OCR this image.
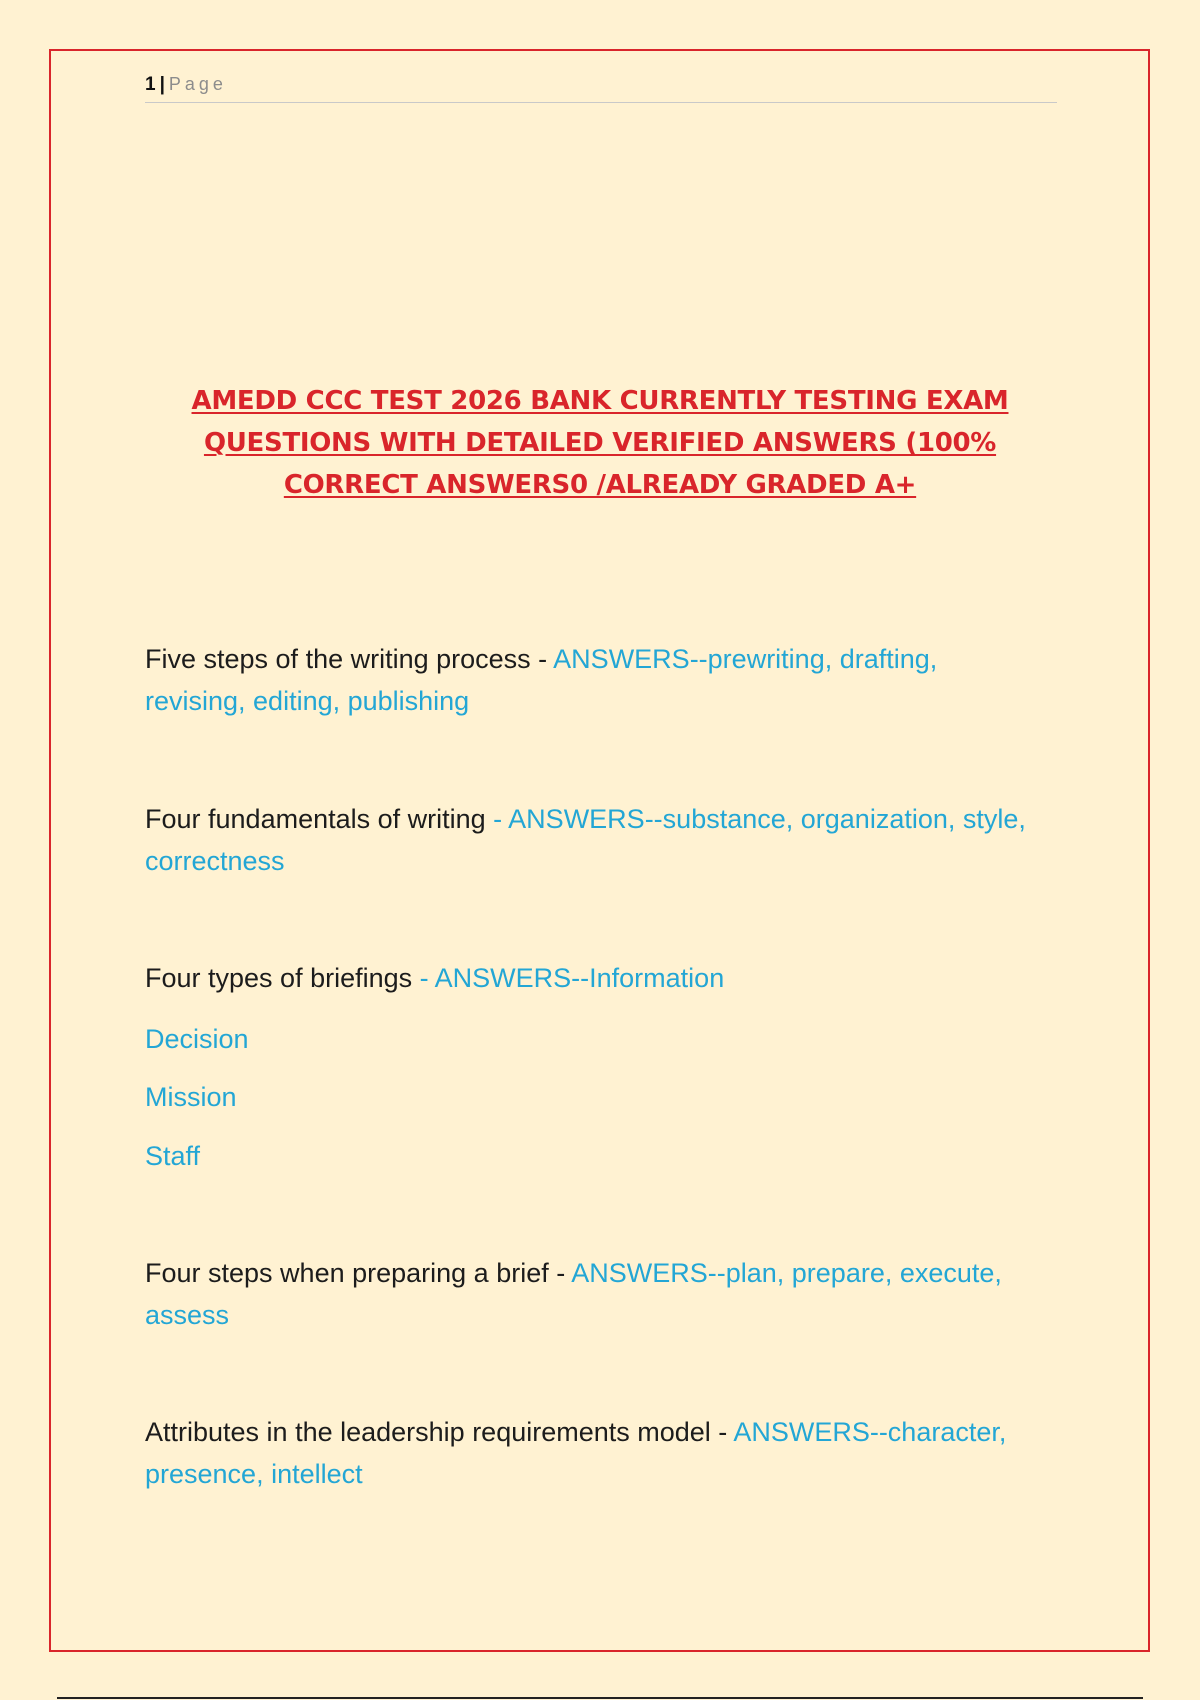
1 | Page
AMEDD CCC TEST 2026 BANK CURRENTLY TESTING EXAM QUESTIONS WITH DETAILED VERIFIED ANSWERS (100% CORRECT ANSWERS0 /ALREADY GRADED A+
Five steps of the writing process - ANSWERS--prewriting, drafting, revising, editing, publishing
Four fundamentals of writing - ANSWERS--substance, organization, style, correctness
Four types of briefings - ANSWERS--Information
Decision
Mission
Staff
Four steps when preparing a brief - ANSWERS--plan, prepare, execute, assess
Attributes in the leadership requirements model - ANSWERS--character, presence, intellect
